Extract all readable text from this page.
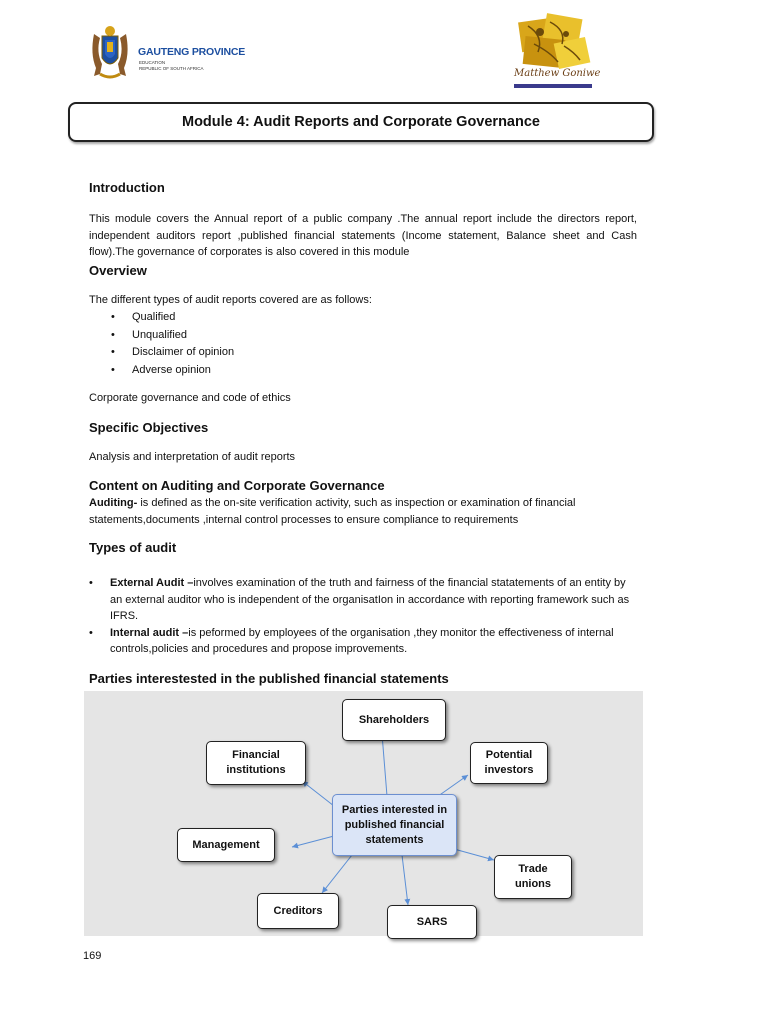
GAUTENG PROVINCE
EDUCATION
REPUBLIC OF SOUTH AFRICA	Matthew Goniwe
Module 4: Audit Reports and Corporate Governance
Introduction

This module covers the Annual report of a public company .The annual report include the directors report, independent auditors report ,published financial statements (Income statement, Balance sheet and Cash flow).The governance of corporates is also covered in this module

Overview

The different types of audit reports covered are as follows:

• Qualified
• Unqualified
• Disclaimer of opinion
• Adverse opinion

Corporate governance and code of ethics

Specific Objectives

Analysis and interpretation of audit reports

Content on Auditing and Corporate Governance

Auditing- is defined as the on-site verification activity, such as inspection or examination of financial statements,documents ,internal control processes to ensure compliance to requirements

Types of audit
• External Audit –involves examination of the truth and fairness of the financial statatements of an entity by an external auditor who is independent of the organisatIon in accordance with reporting framework such as IFRS.
• Internal audit –is peformed by employees of the organisation ,they monitor the effectiveness of internal controls,policies and procedures and propose improvements.
Parties interestested in the published financial statements
Shareholders
Financial institutions
Potential investors
Parties interested in published financial statements
Management
Trade unions
Creditors
SARS
169
